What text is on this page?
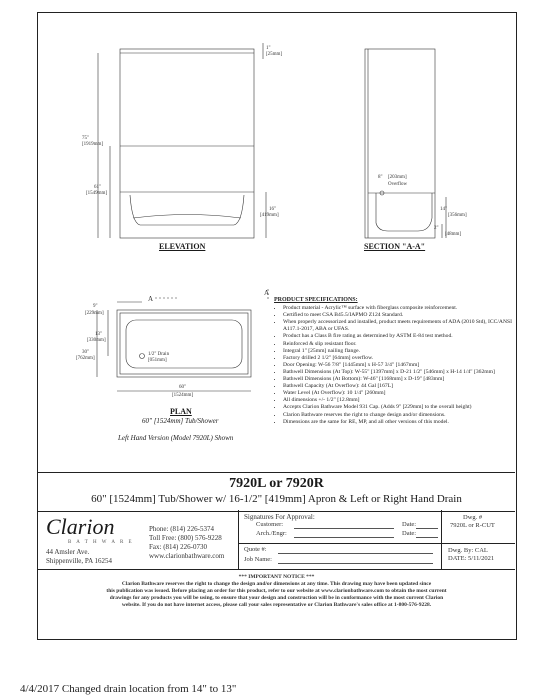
1"
[25mm]
75"
[1919mm]
61"
[1549mm]
16"
[419mm]
8" [203mm]
Overflow
14"
[356mm]
2"
[48mm]
9"
[229mm]
13"
[330mm]
30"
[762mm]
1/2" Drain
[051mm]
60"
[1524mm]
A
A
ELEVATION	SECTION "A-A"
PLAN
60" [1524mm] Tub/Shower
Left Hand Version (Model 7920L) Shown
PRODUCT SPECIFICATIONS:
• Product material - Acrylic™ surface with fiberglass composite reinforcement.
• Certified to meet CSA B45.5/IAPMO Z124 Standard.
• When properly accessorized and installed, product meets requirements of ADA (2010 Std), ICC/ANSI A117.1-2017, ABA or UFAS.
• Product has a Class B fire rating as determined by ASTM E-84 test method.
• Reinforced & slip resistant floor.
• Integral 1" [25mm] nailing flange.
• Factory drilled 2 1/2" [64mm] overflow.
• Door Opening: W-56 7/8" [1445mm] x H-57 3/4" [1467mm]
• Bathwell Dimensions (At Top): W-55" [1397mm] x D-21 1/2" [546mm] x H-14 1/4" [362mm]
• Bathwell Dimensions (At Bottom): W-46" [1168mm] x D-19" [483mm]
• Bathwell Capacity (At Overflow): 44 Gal [167L]
• Water Level (At Overflow): 10 1/4" [260mm]
• All dimensions +/- 1/2" [12.8mm]
• Accepts Clarion Bathware Model 931 Cap. (Adds 9" [229mm] to the overall height)
• Clarion Bathware reserves the right to change design and/or dimensions.
• Dimensions are the same for RE, MP, and all other versions of this model.
7920L or 7920R
60" [1524mm] Tub/Shower w/ 16-1/2" [419mm] Apron & Left or Right Hand Drain
Clarion
B A T H W A R E
44 Amsler Ave.
Shippenville, PA 16254
Phone: (814) 226-5374
Toll Free: (800) 576-9228
Fax: (814) 226-0730
www.clarionbathware.com
Signatures For Approval:
Customer:	Date:
Arch./Engr:	Date:
Quote #:
Job Name:
Dwg. #
7920L or R-CUT
Dwg. By: CAL
DATE: 5/11/2021
*** IMPORTANT NOTICE ***
Clarion Bathware reserves the right to change the design and/or dimensions at any time. This drawing may have been updated since
this publication was issued. Before placing an order for this product, refer to our website at www.clarionbathware.com to obtain the most current
drawings for any products you will be using, to ensure that your design and construction will be in conformance with the most current Clarion
website. If you do not have internet access, please call your sales representative or Clarion Bathware's sales office at 1-800-576-9228.
4/4/2017 Changed drain location from 14" to 13"
